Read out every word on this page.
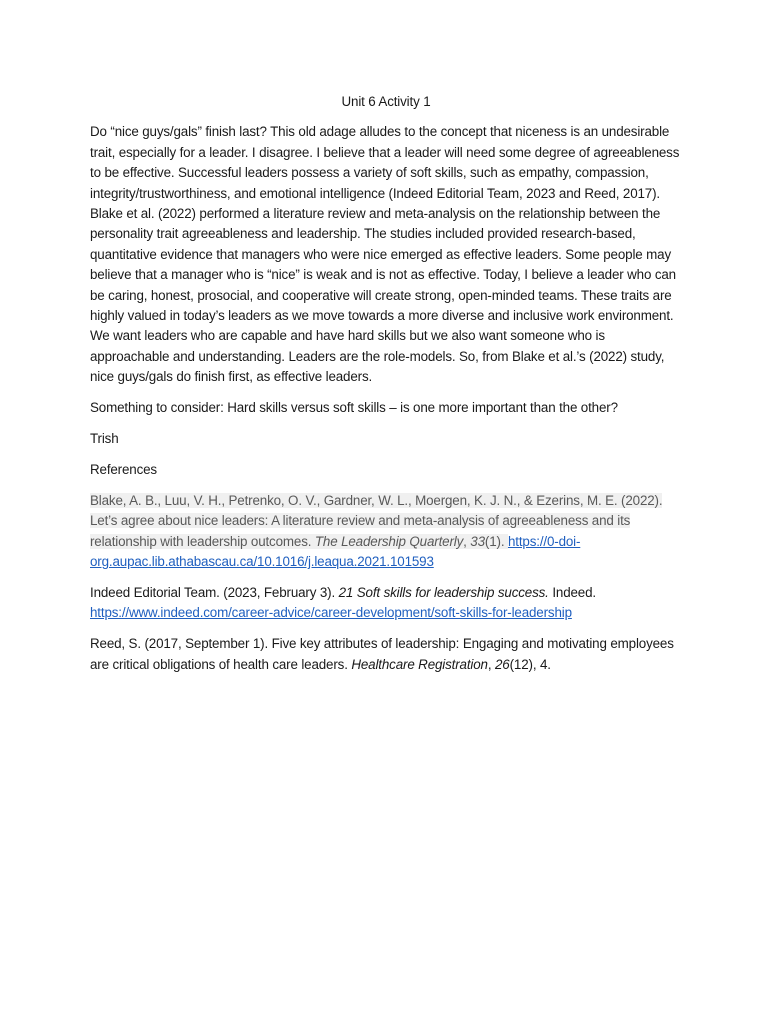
Unit 6 Activity 1

Do “nice guys/gals” finish last? This old adage alludes to the concept that niceness is an undesirable trait, especially for a leader. I disagree. I believe that a leader will need some degree of agreeableness to be effective. Successful leaders possess a variety of soft skills, such as empathy, compassion, integrity/trustworthiness, and emotional intelligence (Indeed Editorial Team, 2023 and Reed, 2017). Blake et al. (2022) performed a literature review and meta-analysis on the relationship between the personality trait agreeableness and leadership. The studies included provided research-based, quantitative evidence that managers who were nice emerged as effective leaders. Some people may believe that a manager who is “nice” is weak and is not as effective. Today, I believe a leader who can be caring, honest, prosocial, and cooperative will create strong, open-minded teams. These traits are highly valued in today’s leaders as we move towards a more diverse and inclusive work environment. We want leaders who are capable and have hard skills but we also want someone who is approachable and understanding. Leaders are the role-models. So, from Blake et al.’s (2022) study, nice guys/gals do finish first, as effective leaders.

Something to consider: Hard skills versus soft skills – is one more important than the other?

Trish

References

Blake, A. B., Luu, V. H., Petrenko, O. V., Gardner, W. L., Moergen, K. J. N., & Ezerins, M. E. (2022). Let’s agree about nice leaders: A literature review and meta-analysis of agreeableness and its relationship with leadership outcomes. The Leadership Quarterly, 33(1). https://0-doi-org.aupac.lib.athabascau.ca/10.1016/j.leaqua.2021.101593

Indeed Editorial Team. (2023, February 3). 21 Soft skills for leadership success. Indeed.
https://www.indeed.com/career-advice/career-development/soft-skills-for-leadership

Reed, S. (2017, September 1). Five key attributes of leadership: Engaging and motivating employees are critical obligations of health care leaders. Healthcare Registration, 26(12), 4.
